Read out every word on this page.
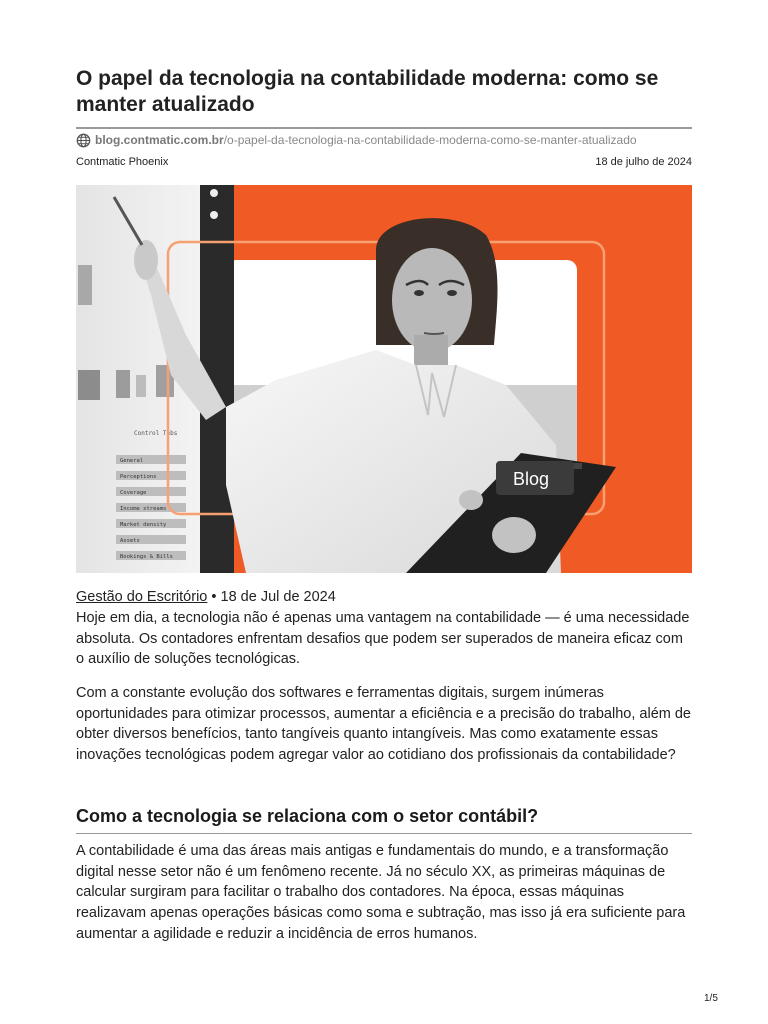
O papel da tecnologia na contabilidade moderna: como se manter atualizado
blog.contmatic.com.br /o-papel-da-tecnologia-na-contabilidade-moderna-como-se-manter-atualizado
Contmatic Phoenix	18 de julho de 2024
Control Tabs
General
Perceptions
Coverage
Income streams
Market density
Assets
Bookings & Bills
Blog
Gestão do Escritório • 18 de Jul de 2024

Hoje em dia, a tecnologia não é apenas uma vantagem na contabilidade — é uma necessidade absoluta. Os contadores enfrentam desafios que podem ser superados de maneira eficaz com o auxílio de soluções tecnológicas.

Com a constante evolução dos softwares e ferramentas digitais, surgem inúmeras oportunidades para otimizar processos, aumentar a eficiência e a precisão do trabalho, além de obter diversos benefícios, tanto tangíveis quanto intangíveis. Mas como exatamente essas inovações tecnológicas podem agregar valor ao cotidiano dos profissionais da contabilidade?

Como a tecnologia se relaciona com o setor contábil?

A contabilidade é uma das áreas mais antigas e fundamentais do mundo, e a transformação digital nesse setor não é um fenômeno recente. Já no século XX, as primeiras máquinas de calcular surgiram para facilitar o trabalho dos contadores. Na época, essas máquinas realizavam apenas operações básicas como soma e subtração, mas isso já era suficiente para aumentar a agilidade e reduzir a incidência de erros humanos.

1/5
